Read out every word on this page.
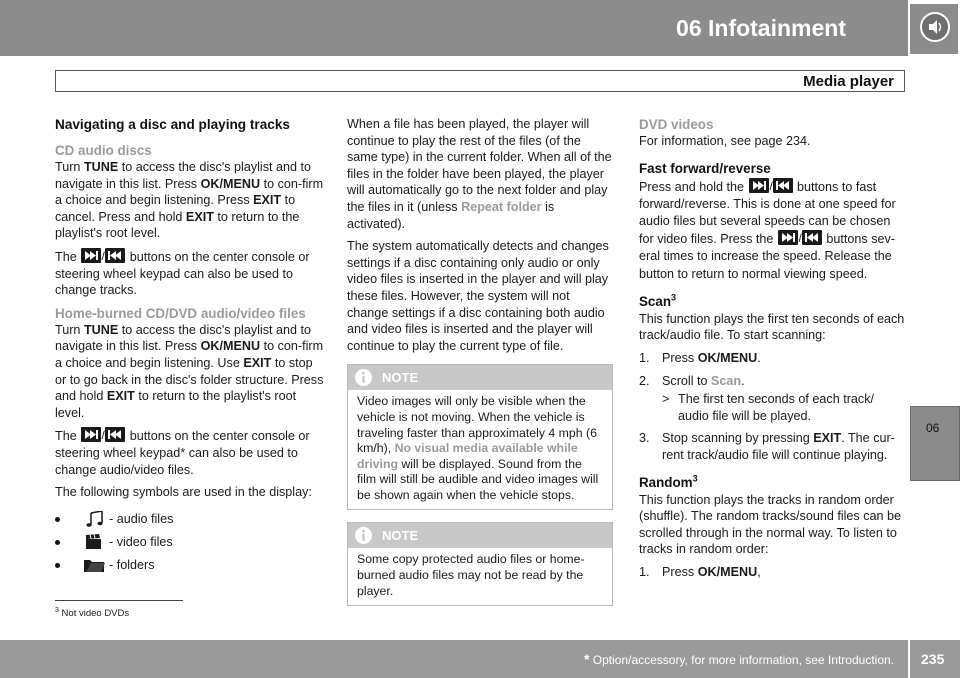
06 Infotainment
Media player
Navigating a disc and playing tracks
CD audio discs

Turn TUNE to access the disc's playlist and to navigate in this list. Press OK/MENU to con-firm a choice and begin listening. Press EXIT to cancel. Press and hold EXIT to return to the playlist's root level.

The	buttons on the center console or steering wheel keypad can also be used to change tracks.

Home-burned CD/DVD audio/video files

Turn TUNE to access the disc's playlist and to navigate in this list. Press OK/MENU to con-firm a choice and begin listening. Use EXIT to stop or to go back in the disc's folder structure. Press and hold EXIT to return to the playlist's root level.

The	buttons on the center console or steering wheel keypad* can also be used to change audio/video files.

The following symbols are used in the display:

- audio files
- video files
- folders

When a file has been played, the player will continue to play the rest of the files (of the same type) in the current folder. When all of the files in the folder have been played, the player will automatically go to the next folder and play the files in it (unless Repeat folder is activated).

The system automatically detects and changes settings if a disc containing only audio or only video files is inserted in the player and will play these files. However, the system will not change settings if a disc containing both audio and video files is inserted and the player will continue to play the current type of file.

NOTE
Video images will only be visible when the vehicle is not moving. When the vehicle is traveling faster than approximately 4 mph (6 km/h), No visual media available while driving will be displayed. Sound from the film will still be audible and video images will be shown again when the vehicle stops.
NOTE
Some copy protected audio files or home-burned audio files may not be read by the player.
DVD videos

For information, see page 234.

Fast forward/reverse

Press and hold the	buttons to fast forward/reverse. This is done at one speed for audio files but several speeds can be chosen for video files. Press the	buttons sev-eral times to increase the speed. Release the button to return to normal viewing speed.

Scan$^3$

This function plays the first ten seconds of each track/audio file. To start scanning:

1. Press OK/MENU.
2. Scroll to Scan.
> The first ten seconds of each track/ audio file will be played.
3. Stop scanning by pressing EXIT. The cur-rent track/audio file will continue playing.
Random$^3$

This function plays the tracks in random order (shuffle). The random tracks/sound files can be scrolled through in the normal way. To listen to tracks in random order:

1. Press OK/MENU,
$^3$ Not video DVDs
06
* Option/accessory, for more information, see Introduction. 235
